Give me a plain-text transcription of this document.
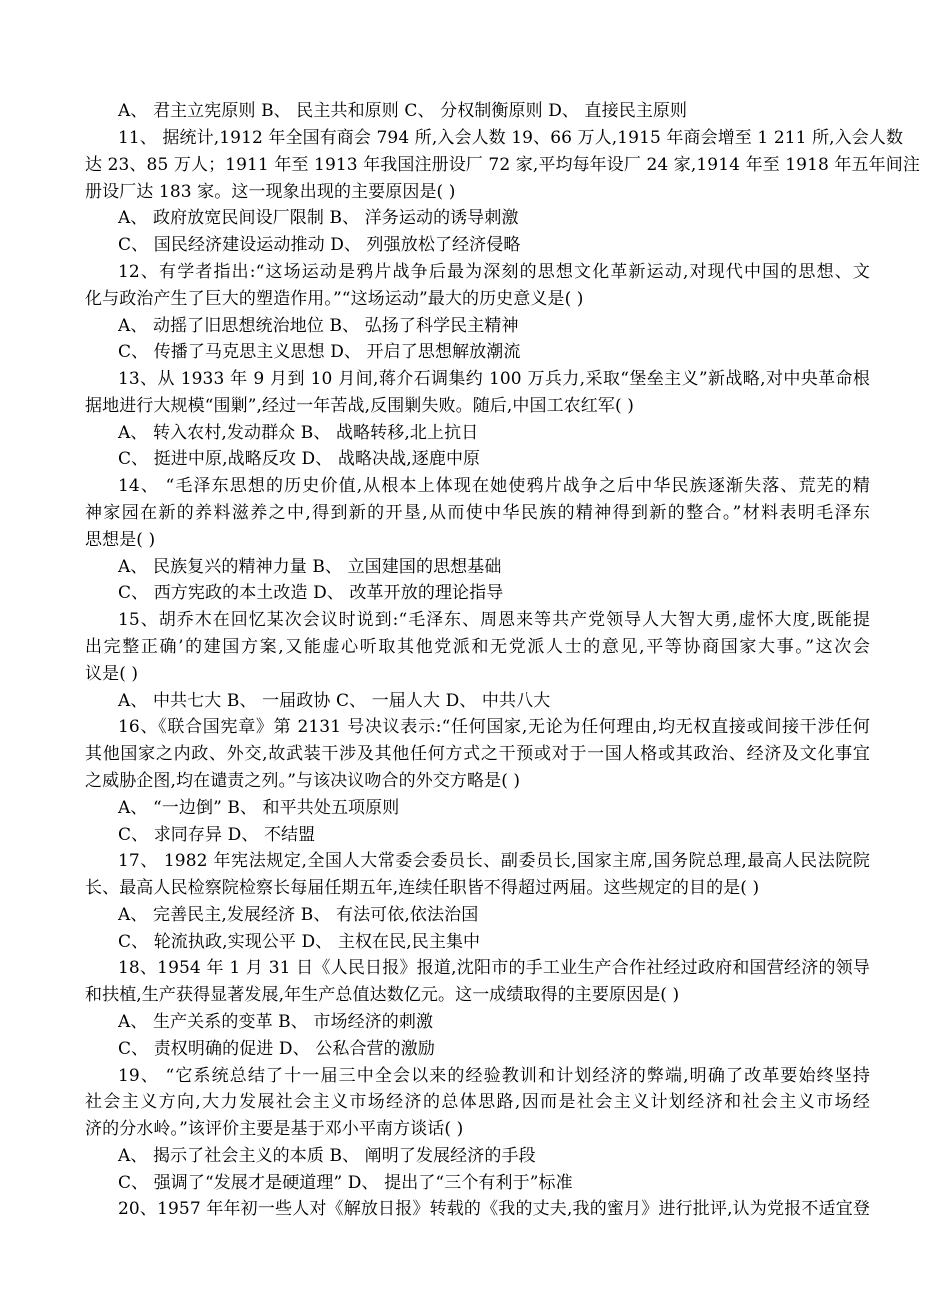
A、 君主立宪原则 B、 民主共和原则 C、 分权制衡原则 D、 直接民主原则
11、 据统计,1912 年全国有商会 794 所,入会人数 19、66 万人,1915 年商会增至 1 211 所,入会人数
达 23、85 万人；1911 年至 1913 年我国注册设厂 72 家,平均每年设厂 24 家,1914 年至 1918 年五年间注
册设厂达 183 家。这一现象出现的主要原因是( )
A、 政府放宽民间设厂限制 B、 洋务运动的诱导刺激
C、 国民经济建设运动推动 D、 列强放松了经济侵略
12、有学者指出:“这场运动是鸦片战争后最为深刻的思想文化革新运动,对现代中国的思想、文
化与政治产生了巨大的塑造作用。”“这场运动”最大的历史意义是( )
A、 动摇了旧思想统治地位 B、 弘扬了科学民主精神
C、 传播了马克思主义思想 D、 开启了思想解放潮流
13、从 1933 年 9 月到 10 月间,蒋介石调集约 100 万兵力,采取“堡垒主义”新战略,对中央革命根
据地进行大规模“围剿”,经过一年苦战,反围剿失败。随后,中国工农红军( )
A、 转入农村,发动群众 B、 战略转移,北上抗日
C、 挺进中原,战略反攻 D、 战略决战,逐鹿中原
14、 “毛泽东思想的历史价值,从根本上体现在她使鸦片战争之后中华民族逐渐失落、荒芜的精
神家园在新的养料滋养之中,得到新的开垦,从而使中华民族的精神得到新的整合。”材料表明毛泽东
思想是( )
A、 民族复兴的精神力量 B、 立国建国的思想基础
C、 西方宪政的本土改造 D、 改革开放的理论指导
15、胡乔木在回忆某次会议时说到:“毛泽东、周恩来等共产党领导人大智大勇,虚怀大度,既能提
出完整正确’的建国方案,又能虚心听取其他党派和无党派人士的意见,平等协商国家大事。”这次会
议是( )
A、 中共七大 B、 一届政协 C、 一届人大 D、 中共八大
16、《联合国宪章》第 2131 号决议表示:“任何国家,无论为任何理由,均无权直接或间接干涉任何
其他国家之内政、外交,故武装干涉及其他任何方式之干预或对于一国人格或其政治、经济及文化事宜
之威胁企图,均在谴责之列。”与该决议吻合的外交方略是( )
A、 “一边倒” B、 和平共处五项原则
C、 求同存异 D、 不结盟
17、 1982 年宪法规定,全国人大常委会委员长、副委员长,国家主席,国务院总理,最高人民法院院
长、最高人民检察院检察长每届任期五年,连续任职皆不得超过两届。这些规定的目的是( )
A、 完善民主,发展经济 B、 有法可依,依法治国
C、 轮流执政,实现公平 D、 主权在民,民主集中
18、1954 年 1 月 31 日《人民日报》报道,沈阳市的手工业生产合作社经过政府和国营经济的领导
和扶植,生产获得显著发展,年生产总值达数亿元。这一成绩取得的主要原因是( )
A、 生产关系的变革 B、 市场经济的刺激
C、 责权明确的促进 D、 公私合营的激励
19、 “它系统总结了十一届三中全会以来的经验教训和计划经济的弊端,明确了改革要始终坚持
社会主义方向,大力发展社会主义市场经济的总体思路,因而是社会主义计划经济和社会主义市场经
济的分水岭。”该评价主要是基于邓小平南方谈话( )
A、 揭示了社会主义的本质 B、 阐明了发展经济的手段
C、 强调了“发展才是硬道理” D、 提出了“三个有利于”标准
20、1957 年年初一些人对《解放日报》转载的《我的丈夫,我的蜜月》进行批评,认为党报不适宜登
